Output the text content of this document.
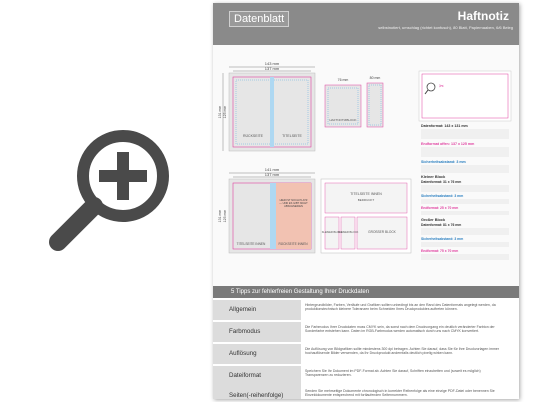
Datenblatt	Haftnotiz
selbstnotiert, umschlag (richtet konfusch), 80 Blatt, Papiernaaben, 6/6 Beleg
143 mm
137 mm
131 mm 125 mm
RÜCKSEITE	TITELSEITE
76 mm
HAFTNOTIZBLOCK
80 mm
141 mm
137 mm
131 mm 125 mm
TITELSEITE INNEN	RÜCKSEITE INNEN
HIER IST NOCH PLATZ — UND ES GIBT NICHT ABSCHNEIDEN
TITELSEITE INNEN
BEDRUCKT
KLEINER BLOCK
KLEINER BLOCK	GROSSER BLOCK
✂
Datenformat: 143 x 131 mm
Endformat offen: 137 x 125 mm
Sicherheitsabstand: 3 mm
Kleiner Block
Datenformat: 31 x 76 mm
Sicherheitsabstand: 3 mm
Endformat: 25 x 70 mm
Großer Block
Datenformat: 81 x 76 mm
Sicherheitsabstand: 3 mm
Endformat: 75 x 70 mm
5 Tipps zur fehlerfreien Gestaltung Ihrer Druckdaten
Allgemein
Hintergrundbilder, Farben, Verläufe und Grafiken sollten unbedingt bis an den Rand des Datenformats angelegt werden, da produktionstechnisch kleinere Toleranzen beim Schneiden Ihres Druckproduktes auftreten können.
Farbmodus
Die Farbmodus Ihrer Druckdaten muss CMYK sein, da sonst nach dem Druckvorgang ein deutlich veränderter Farbton der Sonderfarbe entstehen kann. Daten im RGB-Farbmodus werden automatisch durch uns nach CMYK konvertiert.
Auflösung
Die Auflösung von Bildgrafiken sollte mindestens 300 dpi betragen. Achten Sie darauf, dass Sie für Ihre Druckvorlagen immer hochauflösende Bilder verwenden, da Ihr Druckprodukt andernfalls deutlich pixelig wirken kann.
Dateiformat
Speichern Sie Ihr Dokument im PDF-Format ab. Achten Sie darauf, Schriften einzubetten und (soweit es möglich) Transparenzen zu reduzieren.
Seiten(-reihenfolge)
Senden Sie mehrseitige Dokumente chronologisch in korrekter Reihenfolge als eine einzige PDF-Datei oder benennen Sie Einzeldokumente entsprechend mit fortlaufenden Seitennummern.
